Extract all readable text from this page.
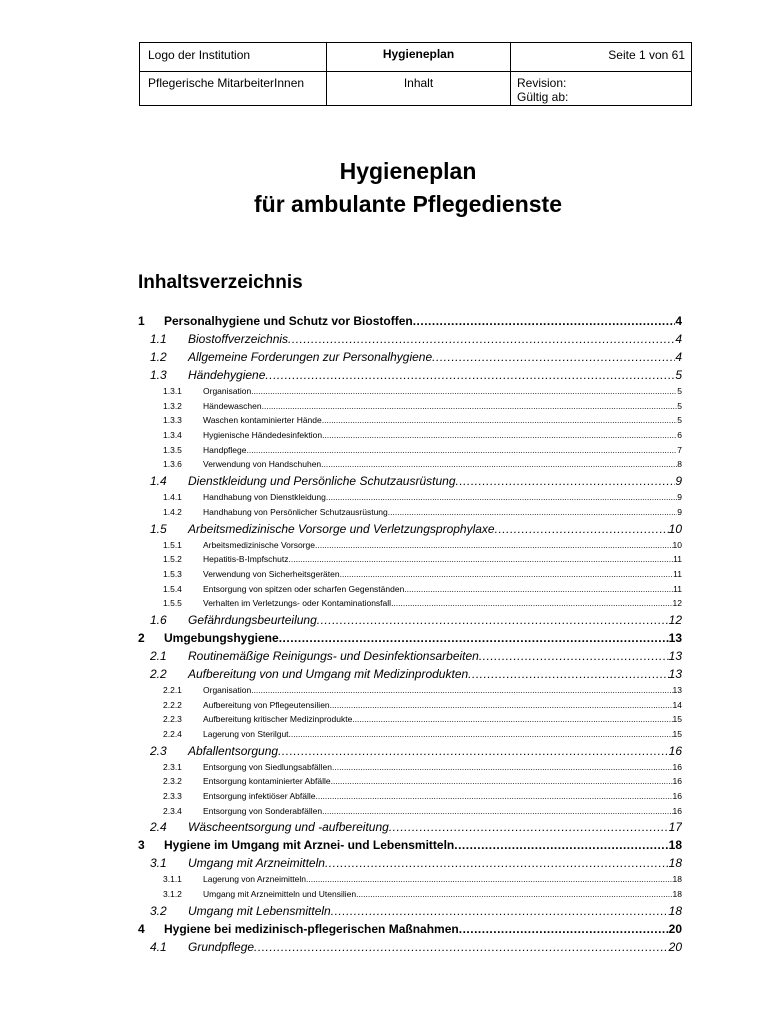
Logo der Institution	Hygieneplan	Seite 1 von 61
Pflegerische MitarbeiterInnen	Inhalt	Revision:
Gültig ab:
Hygieneplan
für ambulante Pflegedienste
Inhaltsverzeichnis
1	Personalhygiene und Schutz vor Biostoffen .....	4
1.1	Biostoffverzeichnis .....	4
1.2	Allgemeine Forderungen zur Personalhygiene .....	4
1.3	Händehygiene .....	5
1.3.1	Organisation .....	5
1.3.2	Händewaschen .....	5
1.3.3	Waschen kontaminierter Hände .....	5
1.3.4	Hygienische Händedesinfektion .....	6
1.3.5	Handpflege .....	7
1.3.6	Verwendung von Handschuhen .....	8
1.4	Dienstkleidung und Persönliche Schutzausrüstung .....	9
1.4.1	Handhabung von Dienstkleidung .....	9
1.4.2	Handhabung von Persönlicher Schutzausrüstung .....	9
1.5	Arbeitsmedizinische Vorsorge und Verletzungsprophylaxe .....	10
1.5.1	Arbeitsmedizinische Vorsorge .....	10
1.5.2	Hepatitis-B-Impfschutz .....	11
1.5.3	Verwendung von Sicherheitsgeräten .....	11
1.5.4	Entsorgung von spitzen oder scharfen Gegenständen .....	11
1.5.5	Verhalten im Verletzungs- oder Kontaminationsfall .....	12
1.6	Gefährdungsbeurteilung .....	12
2	Umgebungshygiene .....	13
2.1	Routinemäßige Reinigungs- und Desinfektionsarbeiten .....	13
2.2	Aufbereitung von und Umgang mit Medizinprodukten .....	13
2.2.1	Organisation .....	13
2.2.2	Aufbereitung von Pflegeutensilien .....	14
2.2.3	Aufbereitung kritischer Medizinprodukte .....	15
2.2.4	Lagerung von Sterilgut .....	15
2.3	Abfallentsorgung .....	16
2.3.1	Entsorgung von Siedlungsabfällen .....	16
2.3.2	Entsorgung kontaminierter Abfälle .....	16
2.3.3	Entsorgung infektiöser Abfälle .....	16
2.3.4	Entsorgung von Sonderabfällen .....	16
2.4	Wäscheentsorgung und -aufbereitung .....	17
3	Hygiene im Umgang mit Arznei- und Lebensmitteln .....	18
3.1	Umgang mit Arzneimitteln .....	18
3.1.1	Lagerung von Arzneimitteln .....	18
3.1.2	Umgang mit Arzneimitteln und Utensilien .....	18
3.2	Umgang mit Lebensmitteln .....	18
4	Hygiene bei medizinisch-pflegerischen Maßnahmen .....	20
4.1	Grundpflege .....	20
